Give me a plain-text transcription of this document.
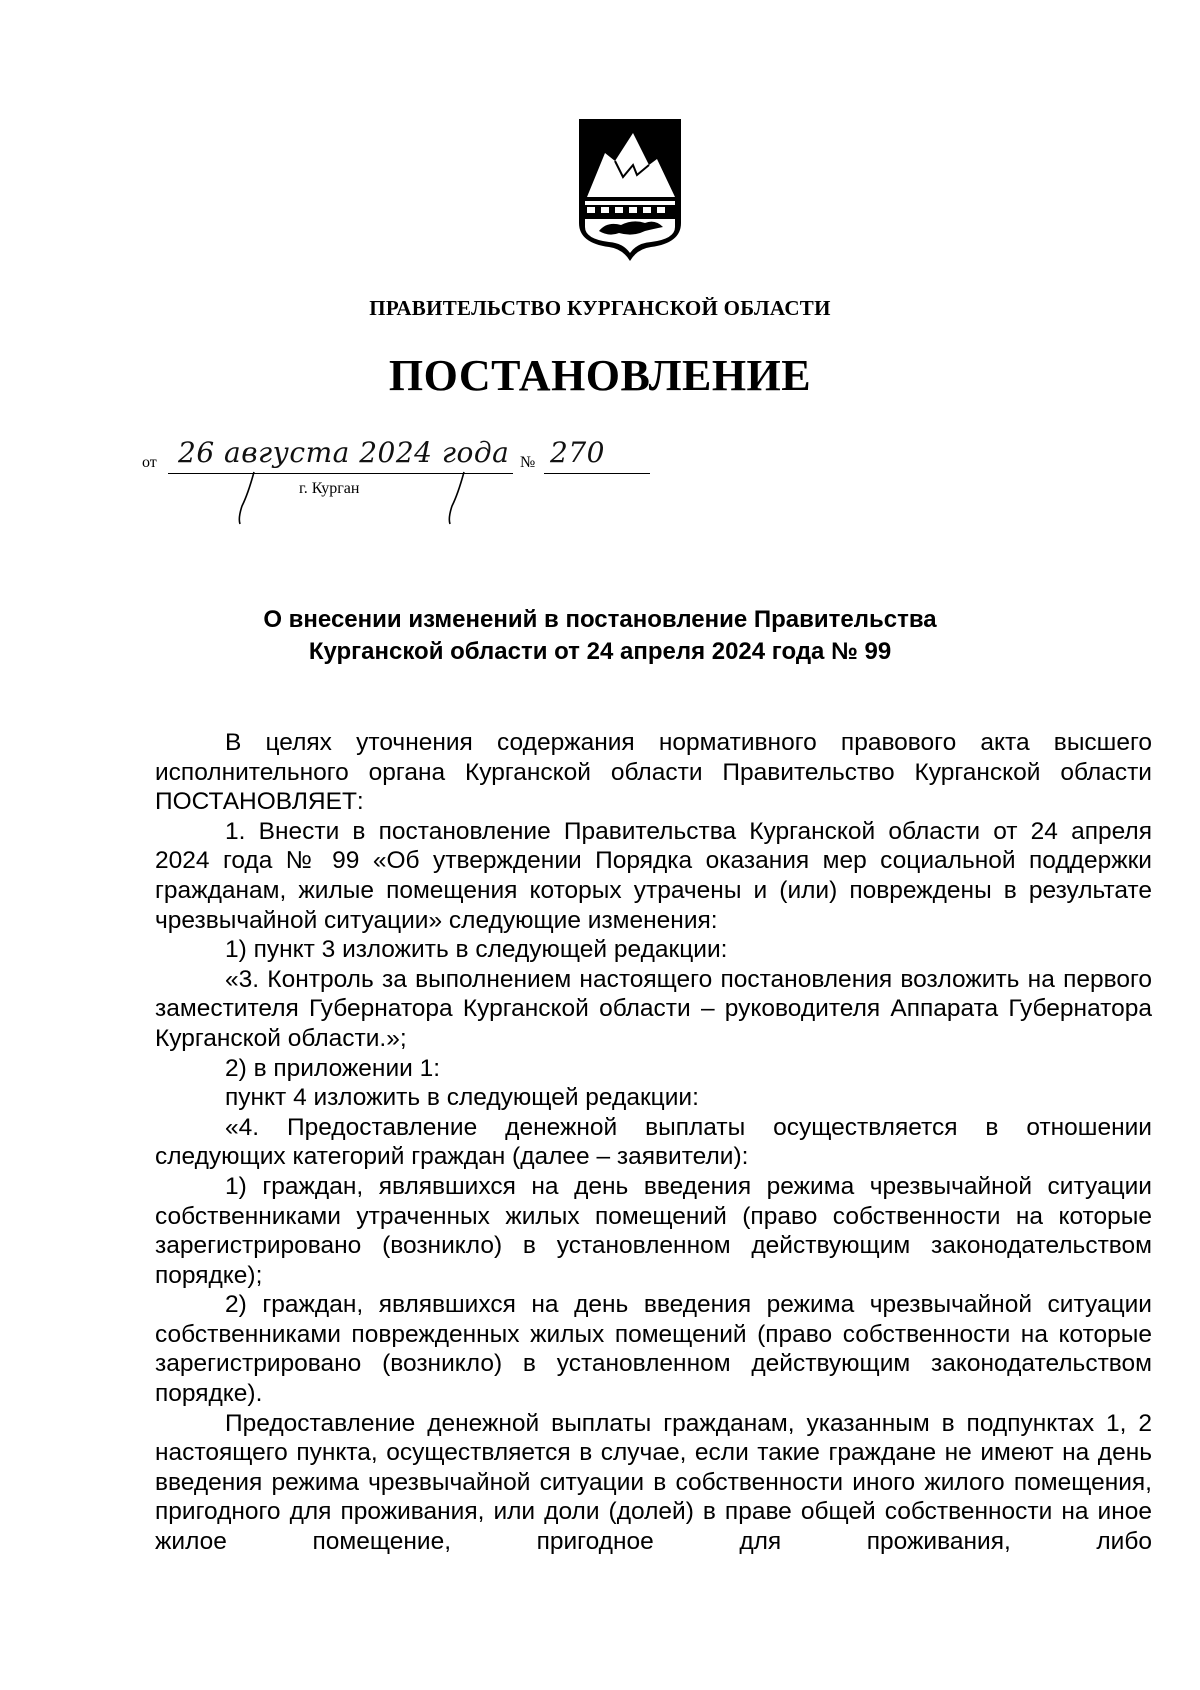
ПРАВИТЕЛЬСТВО КУРГАНСКОЙ ОБЛАСТИ
ПОСТАНОВЛЕНИЕ
от 26 августа 2024 года № 270
г. Курган
О внесении изменений в постановление Правительства
Курганской области от 24 апреля 2024 года № 99

В целях уточнения содержания нормативного правового акта высшего исполнительного органа Курганской области Правительство Курганской области ПОСТАНОВЛЯЕТ:

1. Внести в постановление Правительства Курганской области от 24 апреля 2024 года № 99 «Об утверждении Порядка оказания мер социальной поддержки гражданам, жилые помещения которых утрачены и (или) повреждены в результате чрезвычайной ситуации» следующие изменения:

1) пункт 3 изложить в следующей редакции:

«3. Контроль за выполнением настоящего постановления возложить на первого заместителя Губернатора Курганской области – руководителя Аппарата Губернатора Курганской области.»;

2) в приложении 1:

пункт 4 изложить в следующей редакции:

«4. Предоставление денежной выплаты осуществляется в отношении следующих категорий граждан (далее – заявители):

1) граждан, являвшихся на день введения режима чрезвычайной ситуации собственниками утраченных жилых помещений (право собственности на которые зарегистрировано (возникло) в установленном действующим законодательством порядке);

2) граждан, являвшихся на день введения режима чрезвычайной ситуации собственниками поврежденных жилых помещений (право собственности на которые зарегистрировано (возникло) в установленном действующим законодательством порядке).

Предоставление денежной выплаты гражданам, указанным в подпунктах 1, 2 настоящего пункта, осуществляется в случае, если такие граждане не имеют на день введения режима чрезвычайной ситуации в собственности иного жилого помещения, пригодного для проживания, или доли (долей) в праве общей собственности на иное жилое помещение, пригодное для проживания, либо
